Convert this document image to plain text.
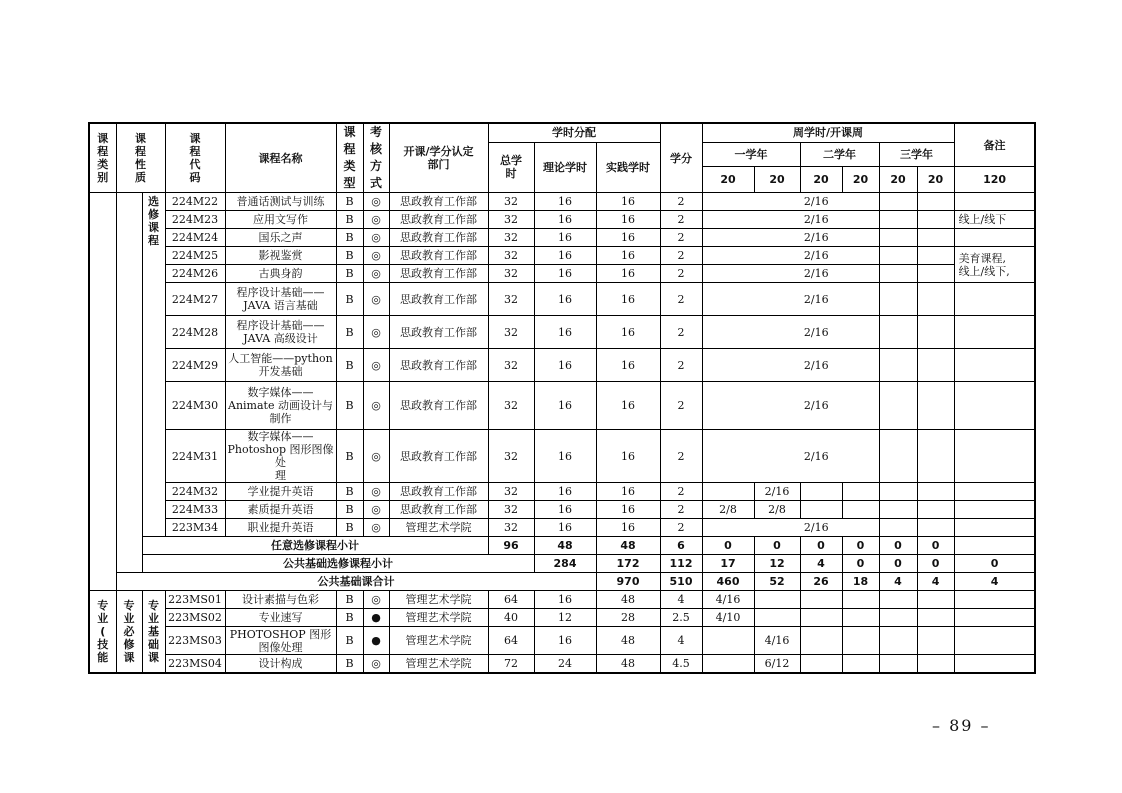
课
程
类
别	课
程
性
质		课
程
代
码	课程名称	课
程
类
型	考
核
方
式	开课/学分认定
部门	学时分配			学分	周学时/开课周						备注	
								总学
时	理论学时	实践学时		一学年		二学年		三学年			
												20	20	20	20	20	20	120	
		选
修
课
程	224M22	普通话测试与训练	B	◎	思政教育工作部	32	16	16	2		2/16						
			224M23	应用文写作	B	◎	思政教育工作部	32	16	16	2		2/16					线上/线下	
			224M24	国乐之声	B	◎	思政教育工作部	32	16	16	2		2/16						
			224M25	影视鉴赏	B	◎	思政教育工作部	32	16	16	2		2/16					美育课程,
线上/线下,	
			224M26	古典身韵	B	◎	思政教育工作部	32	16	16	2		2/16						
			224M27	程序设计基础——
JAVA 语言基础	B	◎	思政教育工作部	32	16	16	2		2/16						
			224M28	程序设计基础——
JAVA 高级设计	B	◎	思政教育工作部	32	16	16	2		2/16						
			224M29	人工智能——python
开发基础	B	◎	思政教育工作部	32	16	16	2		2/16						
			224M30	数字媒体——
Animate 动画设计与
制作	B	◎	思政教育工作部	32	16	16	2		2/16						
			224M31	数字媒体——
Photoshop 图形图像处
理	B	◎	思政教育工作部	32	16	16	2		2/16						
			224M32	学业提升英语	B	◎	思政教育工作部	32	16	16	2		2/16						
			224M33	素质提升英语	B	◎	思政教育工作部	32	16	16	2	2/8	2/8						
			223M34	职业提升英语	B	◎	管理艺术学院	32	16	16	2		2/16						
		任意选修课程小计						96	48	48	6	0	0	0	0	0	0		
		公共基础选修课程小计							284	172	112	17	12	4	0	0	0	0	
	公共基础课合计									970	510	460	52	26	18	4	4	4		
专
业
(
技
能	专
业
必
修
课	专
业
基
础
课	223MS01	设计素描与色彩	B	◎	管理艺术学院	64	16	48	4	4/16							
			223MS02	专业速写	B	●	管理艺术学院	40	12	28	2.5	4/10							
			223MS03	PHOTOSHOP 图形
图像处理	B	●	管理艺术学院	64	16	48	4		4/16						
			223MS04	设计构成	B	◎	管理艺术学院	72	24	48	4.5		6/12						
– 89 –
